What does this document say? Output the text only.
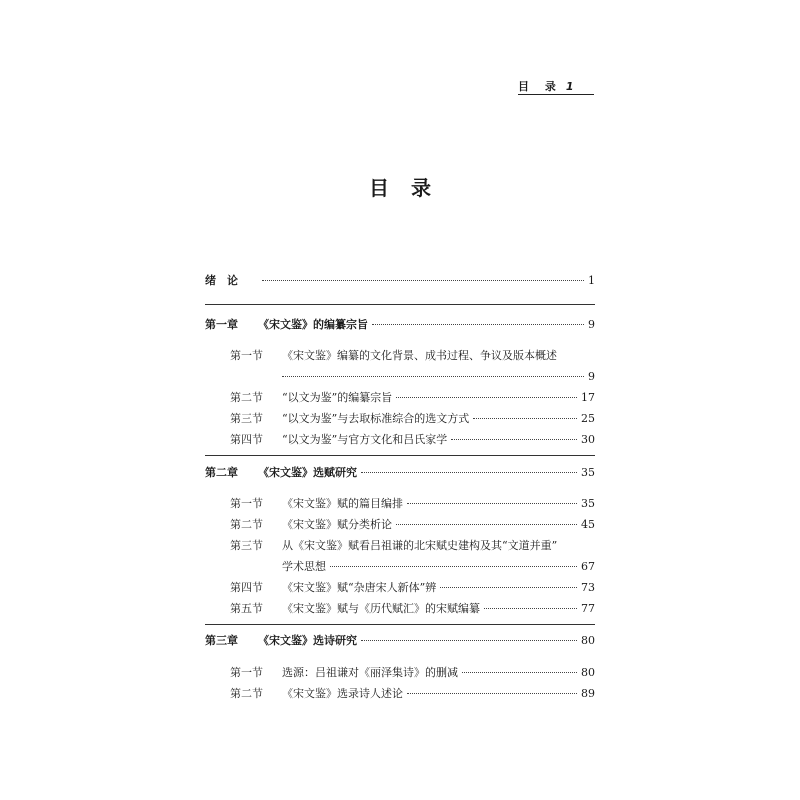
目 录 1
目录
绪　论	1
第一章	《宋文鉴》的编纂宗旨	9
第一节	《宋文鉴》编纂的文化背景、成书过程、争议及版本概述
9
第二节	“以文为鉴”的编纂宗旨	17
第三节	“以文为鉴”与去取标准综合的选文方式	25
第四节	“以文为鉴”与官方文化和吕氏家学	30
第二章	《宋文鉴》选赋研究	35
第一节	《宋文鉴》赋的篇目编排	35
第二节	《宋文鉴》赋分类析论	45
第三节	从《宋文鉴》赋看吕祖谦的北宋赋史建构及其“文道并重”
学术思想	67
第四节	《宋文鉴》赋“杂唐宋人新体”辨	73
第五节	《宋文鉴》赋与《历代赋汇》的宋赋编纂	77
第三章	《宋文鉴》选诗研究	80
第一节	选源：吕祖谦对《丽泽集诗》的删减	80
第二节	《宋文鉴》选录诗人述论	89
